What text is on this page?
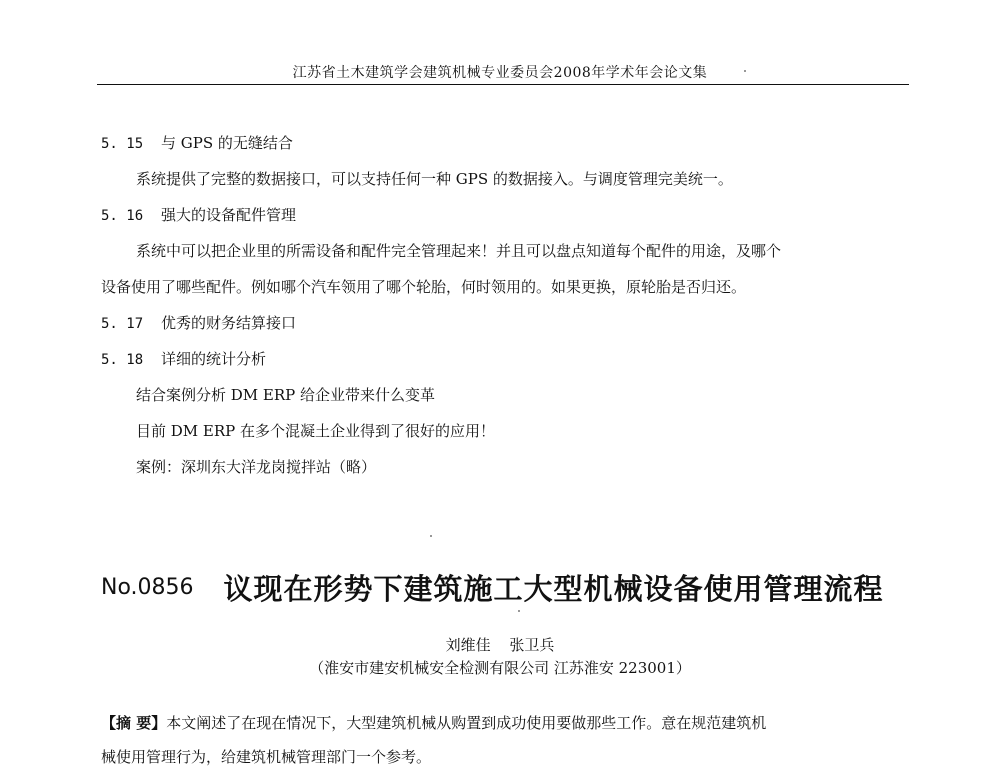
江苏省土木建筑学会建筑机械专业委员会2008年学术年会论文集
5. 15 与 GPS 的无缝结合
系统提供了完整的数据接口，可以支持任何一种 GPS 的数据接入。与调度管理完美统一。
5. 16 强大的设备配件管理
系统中可以把企业里的所需设备和配件完全管理起来！并且可以盘点知道每个配件的用途，及哪个
设备使用了哪些配件。例如哪个汽车领用了哪个轮胎，何时领用的。如果更换，原轮胎是否归还。
5. 17 优秀的财务结算接口
5. 18 详细的统计分析
结合案例分析 DM ERP 给企业带来什么变革
目前 DM ERP 在多个混凝土企业得到了很好的应用！
案例：深圳东大洋龙岗搅拌站（略）
No.0856 议现在形势下建筑施工大型机械设备使用管理流程
刘维佳 张卫兵
（淮安市建安机械安全检测有限公司 江苏淮安 223001）
【摘 要】本文阐述了在现在情况下，大型建筑机械从购置到成功使用要做那些工作。意在规范建筑机
械使用管理行为，给建筑机械管理部门一个参考。
